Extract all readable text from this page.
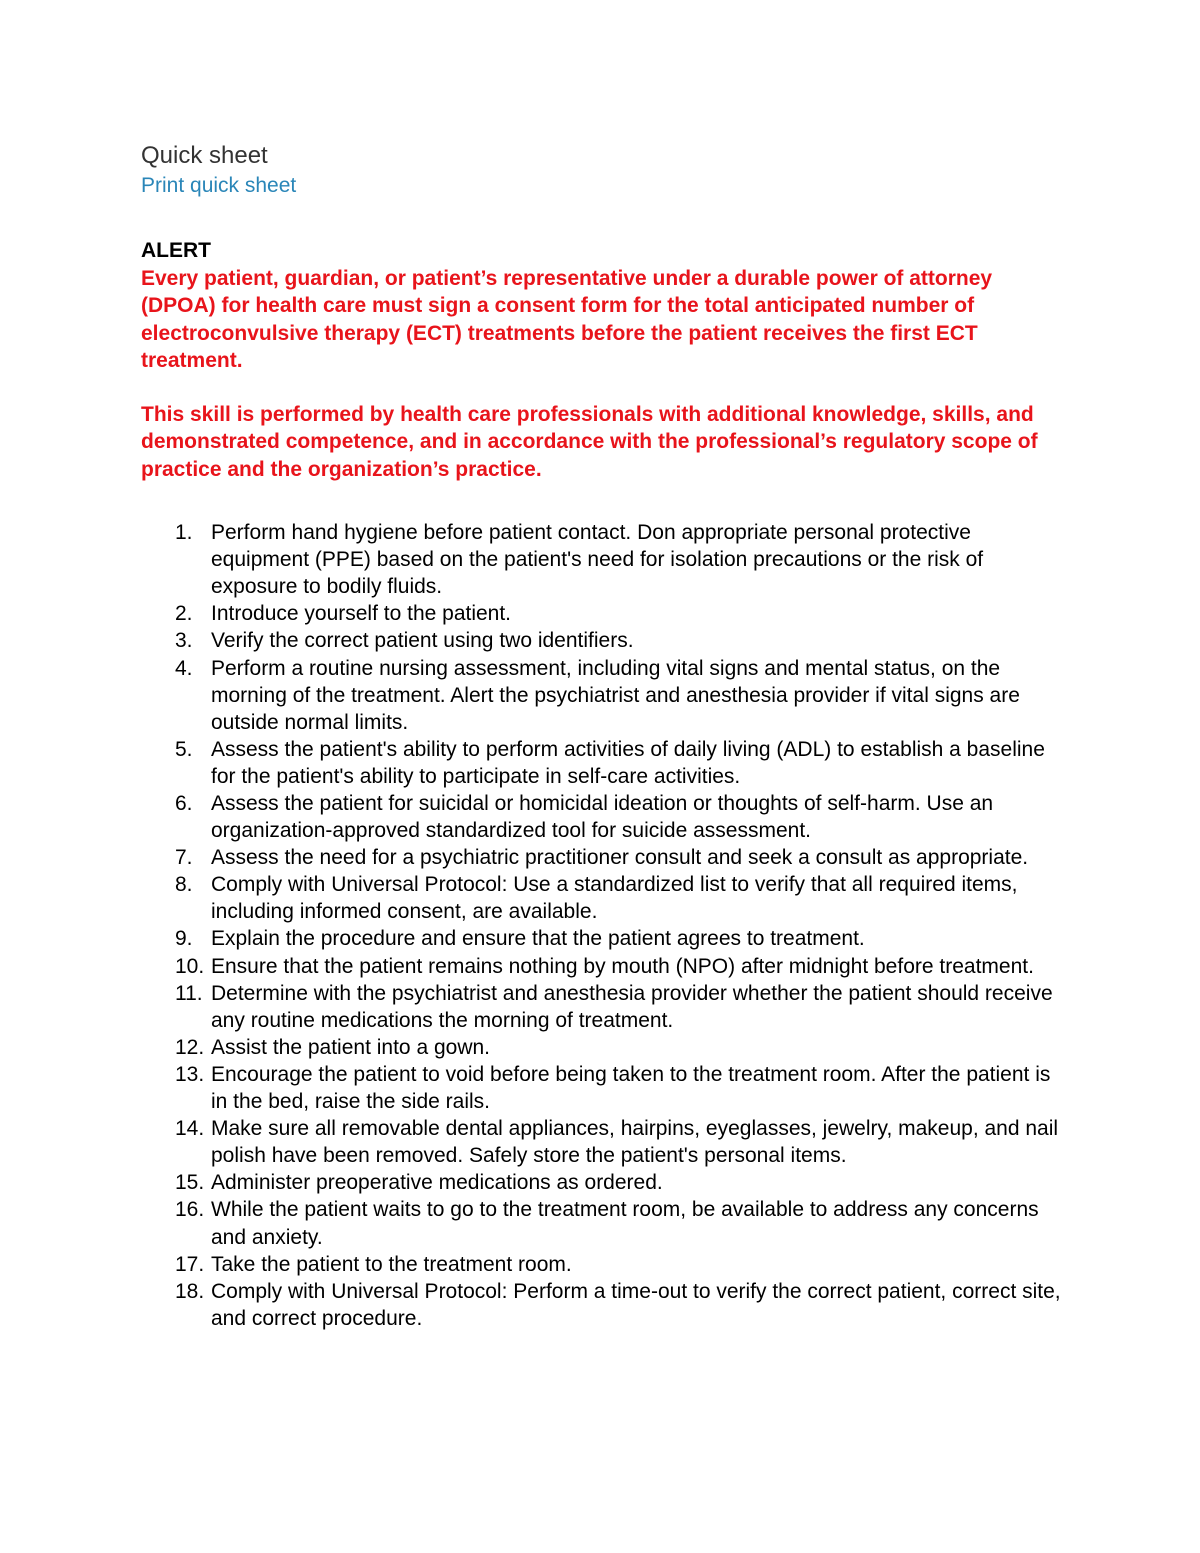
Quick sheet
Print quick sheet
ALERT

Every patient, guardian, or patient’s representative under a durable power of attorney (DPOA) for health care must sign a consent form for the total anticipated number of electroconvulsive therapy (ECT) treatments before the patient receives the first ECT treatment.

This skill is performed by health care professionals with additional knowledge, skills, and demonstrated competence, and in accordance with the professional’s regulatory scope of practice and the organization’s practice.

1. Perform hand hygiene before patient contact. Don appropriate personal protective equipment (PPE) based on the patient's need for isolation precautions or the risk of exposure to bodily fluids.
2. Introduce yourself to the patient.
3. Verify the correct patient using two identifiers.
4. Perform a routine nursing assessment, including vital signs and mental status, on the morning of the treatment. Alert the psychiatrist and anesthesia provider if vital signs are outside normal limits.
5. Assess the patient's ability to perform activities of daily living (ADL) to establish a baseline for the patient's ability to participate in self-care activities.
6. Assess the patient for suicidal or homicidal ideation or thoughts of self-harm. Use an organization-approved standardized tool for suicide assessment.
7. Assess the need for a psychiatric practitioner consult and seek a consult as appropriate.
8. Comply with Universal Protocol: Use a standardized list to verify that all required items, including informed consent, are available.
9. Explain the procedure and ensure that the patient agrees to treatment.
10. Ensure that the patient remains nothing by mouth (NPO) after midnight before treatment.
11. Determine with the psychiatrist and anesthesia provider whether the patient should receive any routine medications the morning of treatment.
12. Assist the patient into a gown.
13. Encourage the patient to void before being taken to the treatment room. After the patient is in the bed, raise the side rails.
14. Make sure all removable dental appliances, hairpins, eyeglasses, jewelry, makeup, and nail polish have been removed. Safely store the patient's personal items.
15. Administer preoperative medications as ordered.
16. While the patient waits to go to the treatment room, be available to address any concerns and anxiety.
17. Take the patient to the treatment room.
18. Comply with Universal Protocol: Perform a time-out to verify the correct patient, correct site, and correct procedure.
